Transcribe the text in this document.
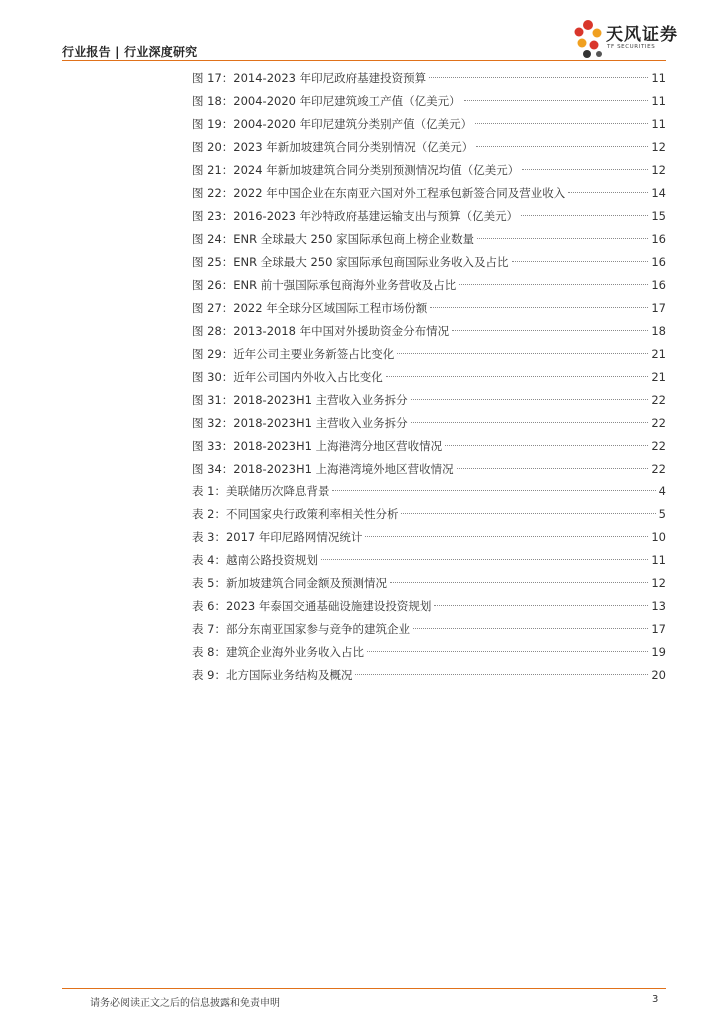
行业报告 | 行业深度研究
天风证券
TF SECURITIES
图 17：2014-2023 年印尼政府基建投资预算	11
图 18：2004-2020 年印尼建筑竣工产值（亿美元）	11
图 19：2004-2020 年印尼建筑分类别产值（亿美元）	11
图 20：2023 年新加坡建筑合同分类别情况（亿美元）	12
图 21：2024 年新加坡建筑合同分类别预测情况均值（亿美元）	12
图 22：2022 年中国企业在东南亚六国对外工程承包新签合同及营业收入	14
图 23：2016-2023 年沙特政府基建运输支出与预算（亿美元）	15
图 24：ENR 全球最大 250 家国际承包商上榜企业数量	16
图 25：ENR 全球最大 250 家国际承包商国际业务收入及占比	16
图 26：ENR 前十强国际承包商海外业务营收及占比	16
图 27：2022 年全球分区域国际工程市场份额	17
图 28：2013-2018 年中国对外援助资金分布情况	18
图 29：近年公司主要业务新签占比变化	21
图 30：近年公司国内外收入占比变化	21
图 31：2018-2023H1 主营收入业务拆分	22
图 32：2018-2023H1 主营收入业务拆分	22
图 33：2018-2023H1 上海港湾分地区营收情况	22
图 34：2018-2023H1 上海港湾境外地区营收情况	22
表 1：美联储历次降息背景	4
表 2：不同国家央行政策利率相关性分析	5
表 3：2017 年印尼路网情况统计	10
表 4：越南公路投资规划	11
表 5：新加坡建筑合同金额及预测情况	12
表 6：2023 年泰国交通基础设施建设投资规划	13
表 7：部分东南亚国家参与竞争的建筑企业	17
表 8：建筑企业海外业务收入占比	19
表 9：北方国际业务结构及概况	20
请务必阅读正文之后的信息披露和免责申明	3
